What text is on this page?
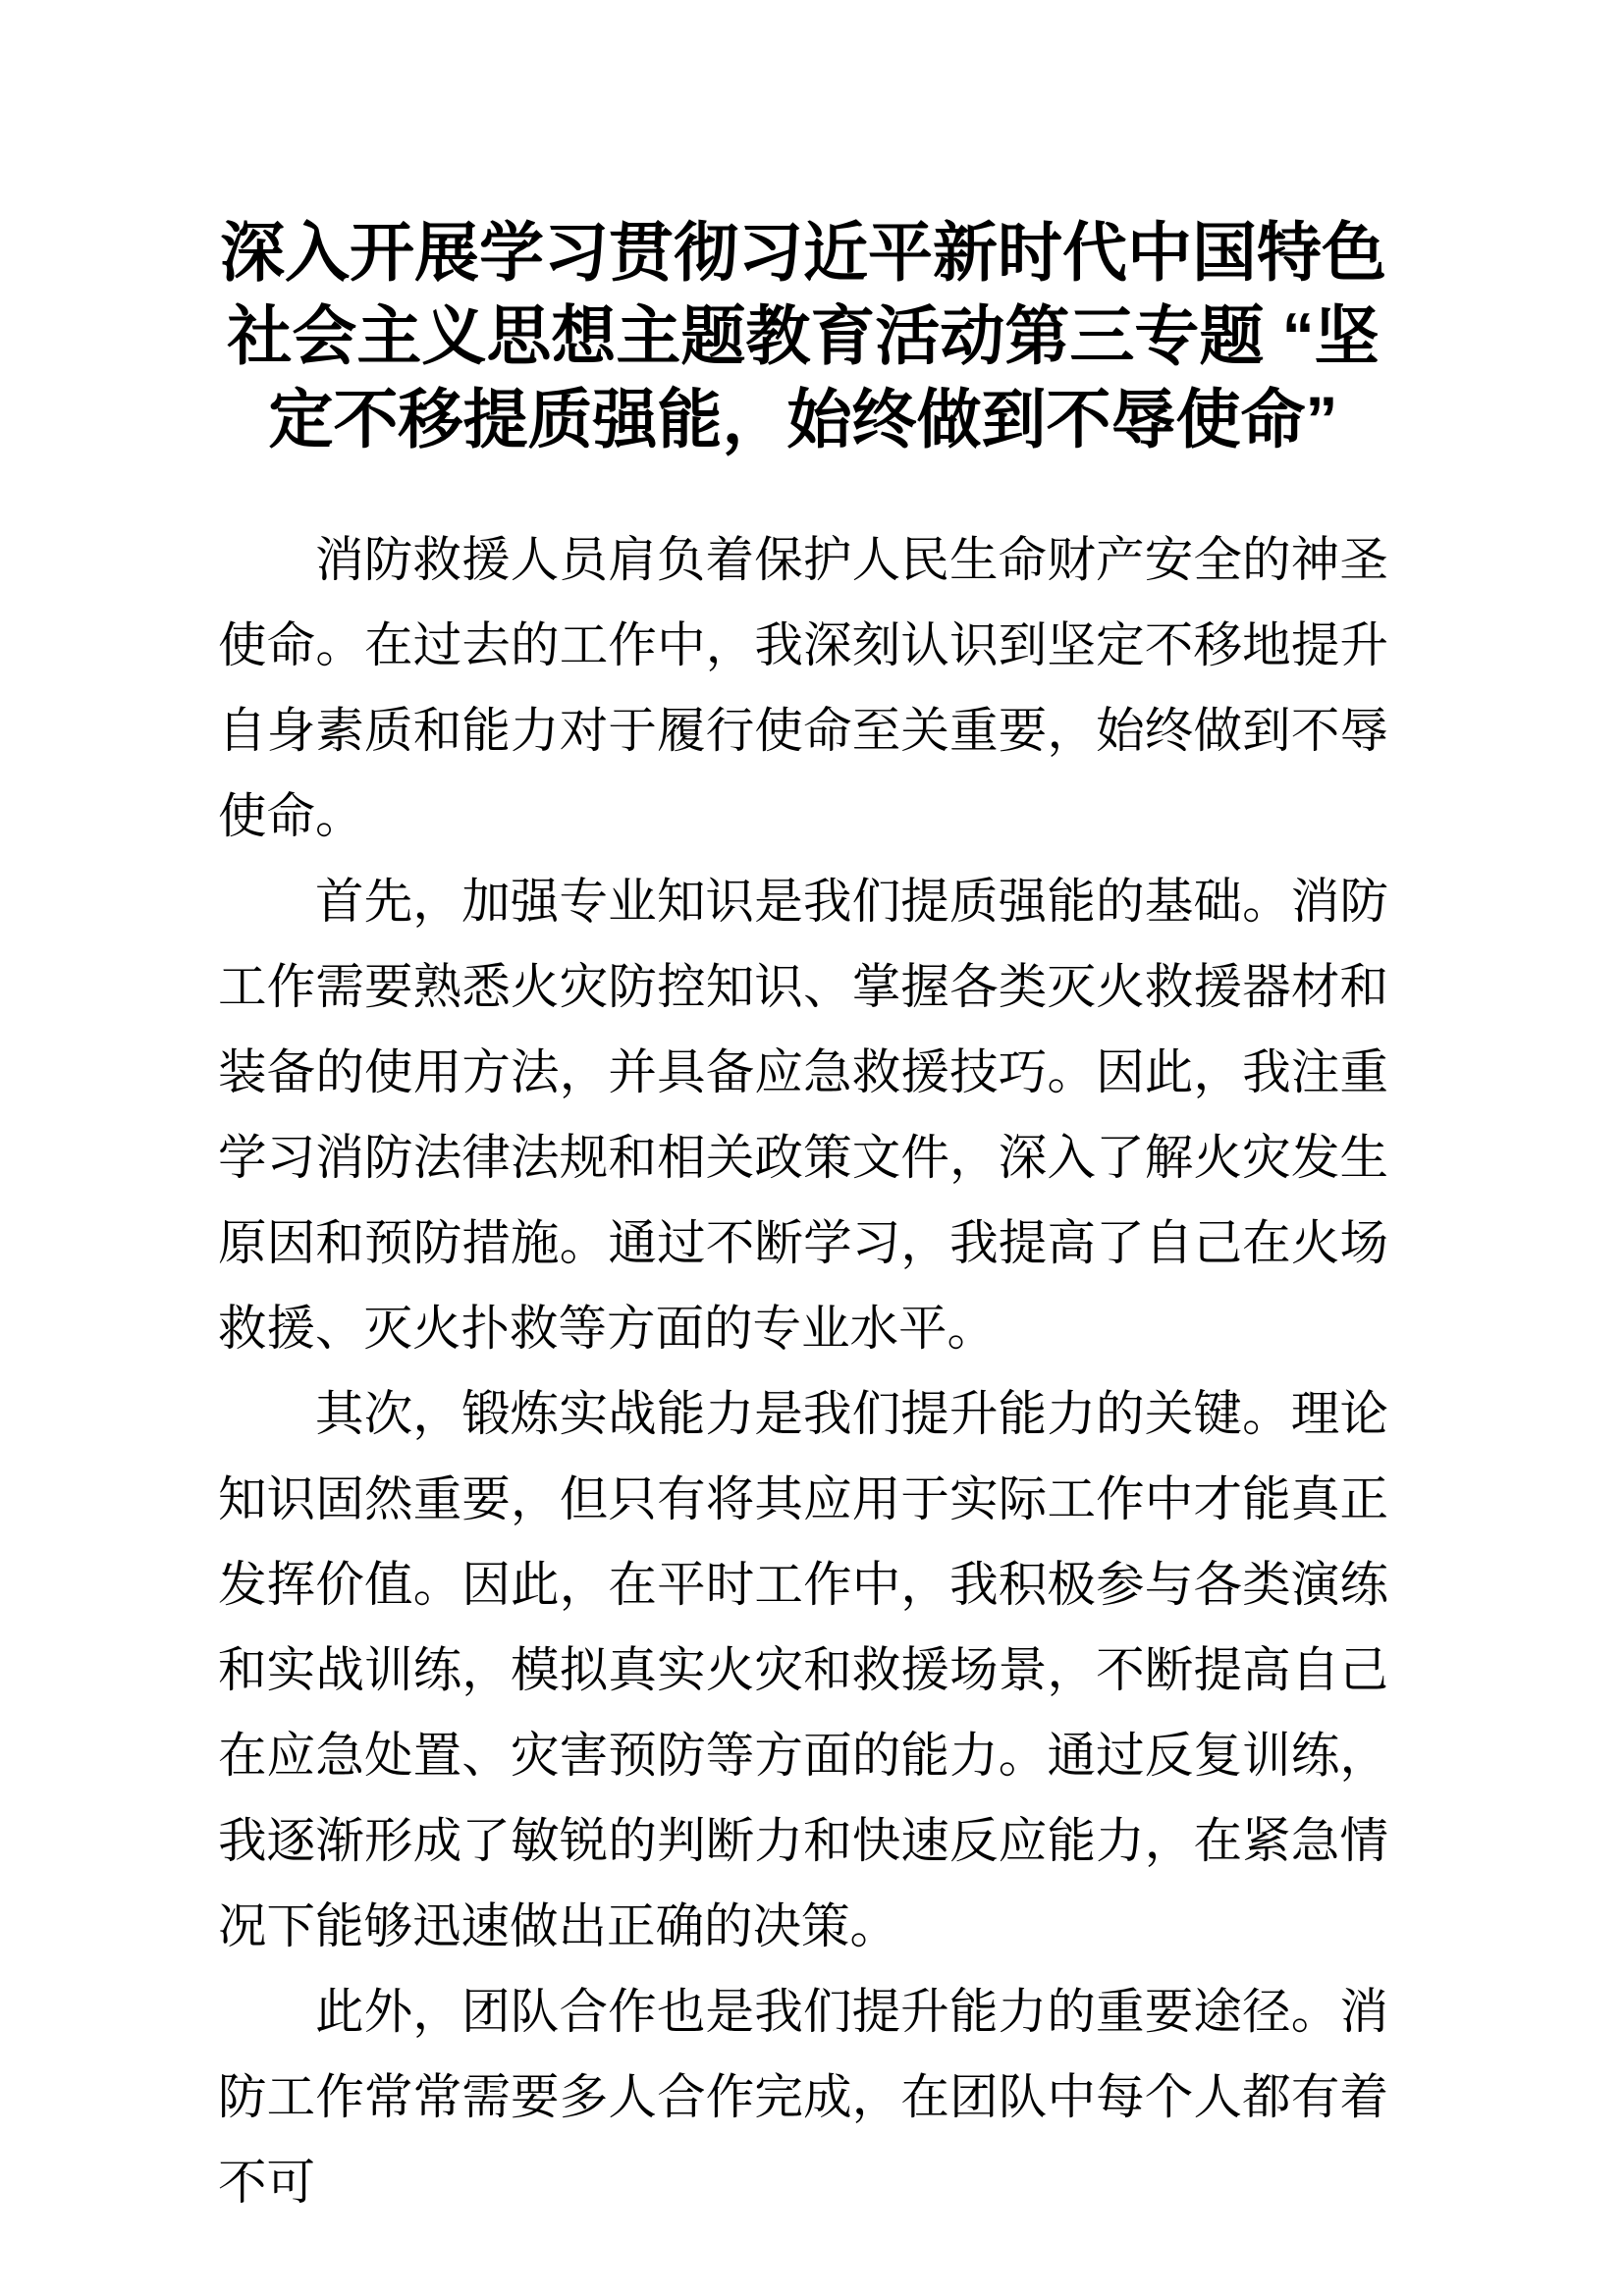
深入开展学习贯彻习近平新时代中国特色
社会主义思想主题教育活动第三专题 “坚
定不移提质强能，始终做到不辱使命”

消防救援人员肩负着保护人民生命财产安全的神圣使命。在过去的工作中，我深刻认识到坚定不移地提升自身素质和能力对于履行使命至关重要，始终做到不辱使命。

首先，加强专业知识是我们提质强能的基础。消防工作需要熟悉火灾防控知识、掌握各类灭火救援器材和装备的使用方法，并具备应急救援技巧。因此，我注重学习消防法律法规和相关政策文件，深入了解火灾发生原因和预防措施。通过不断学习，我提高了自己在火场救援、灭火扑救等方面的专业水平。

其次，锻炼实战能力是我们提升能力的关键。理论知识固然重要，但只有将其应用于实际工作中才能真正发挥价值。因此，在平时工作中，我积极参与各类演练和实战训练，模拟真实火灾和救援场景，不断提高自己在应急处置、灾害预防等方面的能力。通过反复训练，我逐渐形成了敏锐的判断力和快速反应能力，在紧急情况下能够迅速做出正确的决策。

此外，团队合作也是我们提升能力的重要途径。消防工作常常需要多人合作完成，在团队中每个人都有着不可
